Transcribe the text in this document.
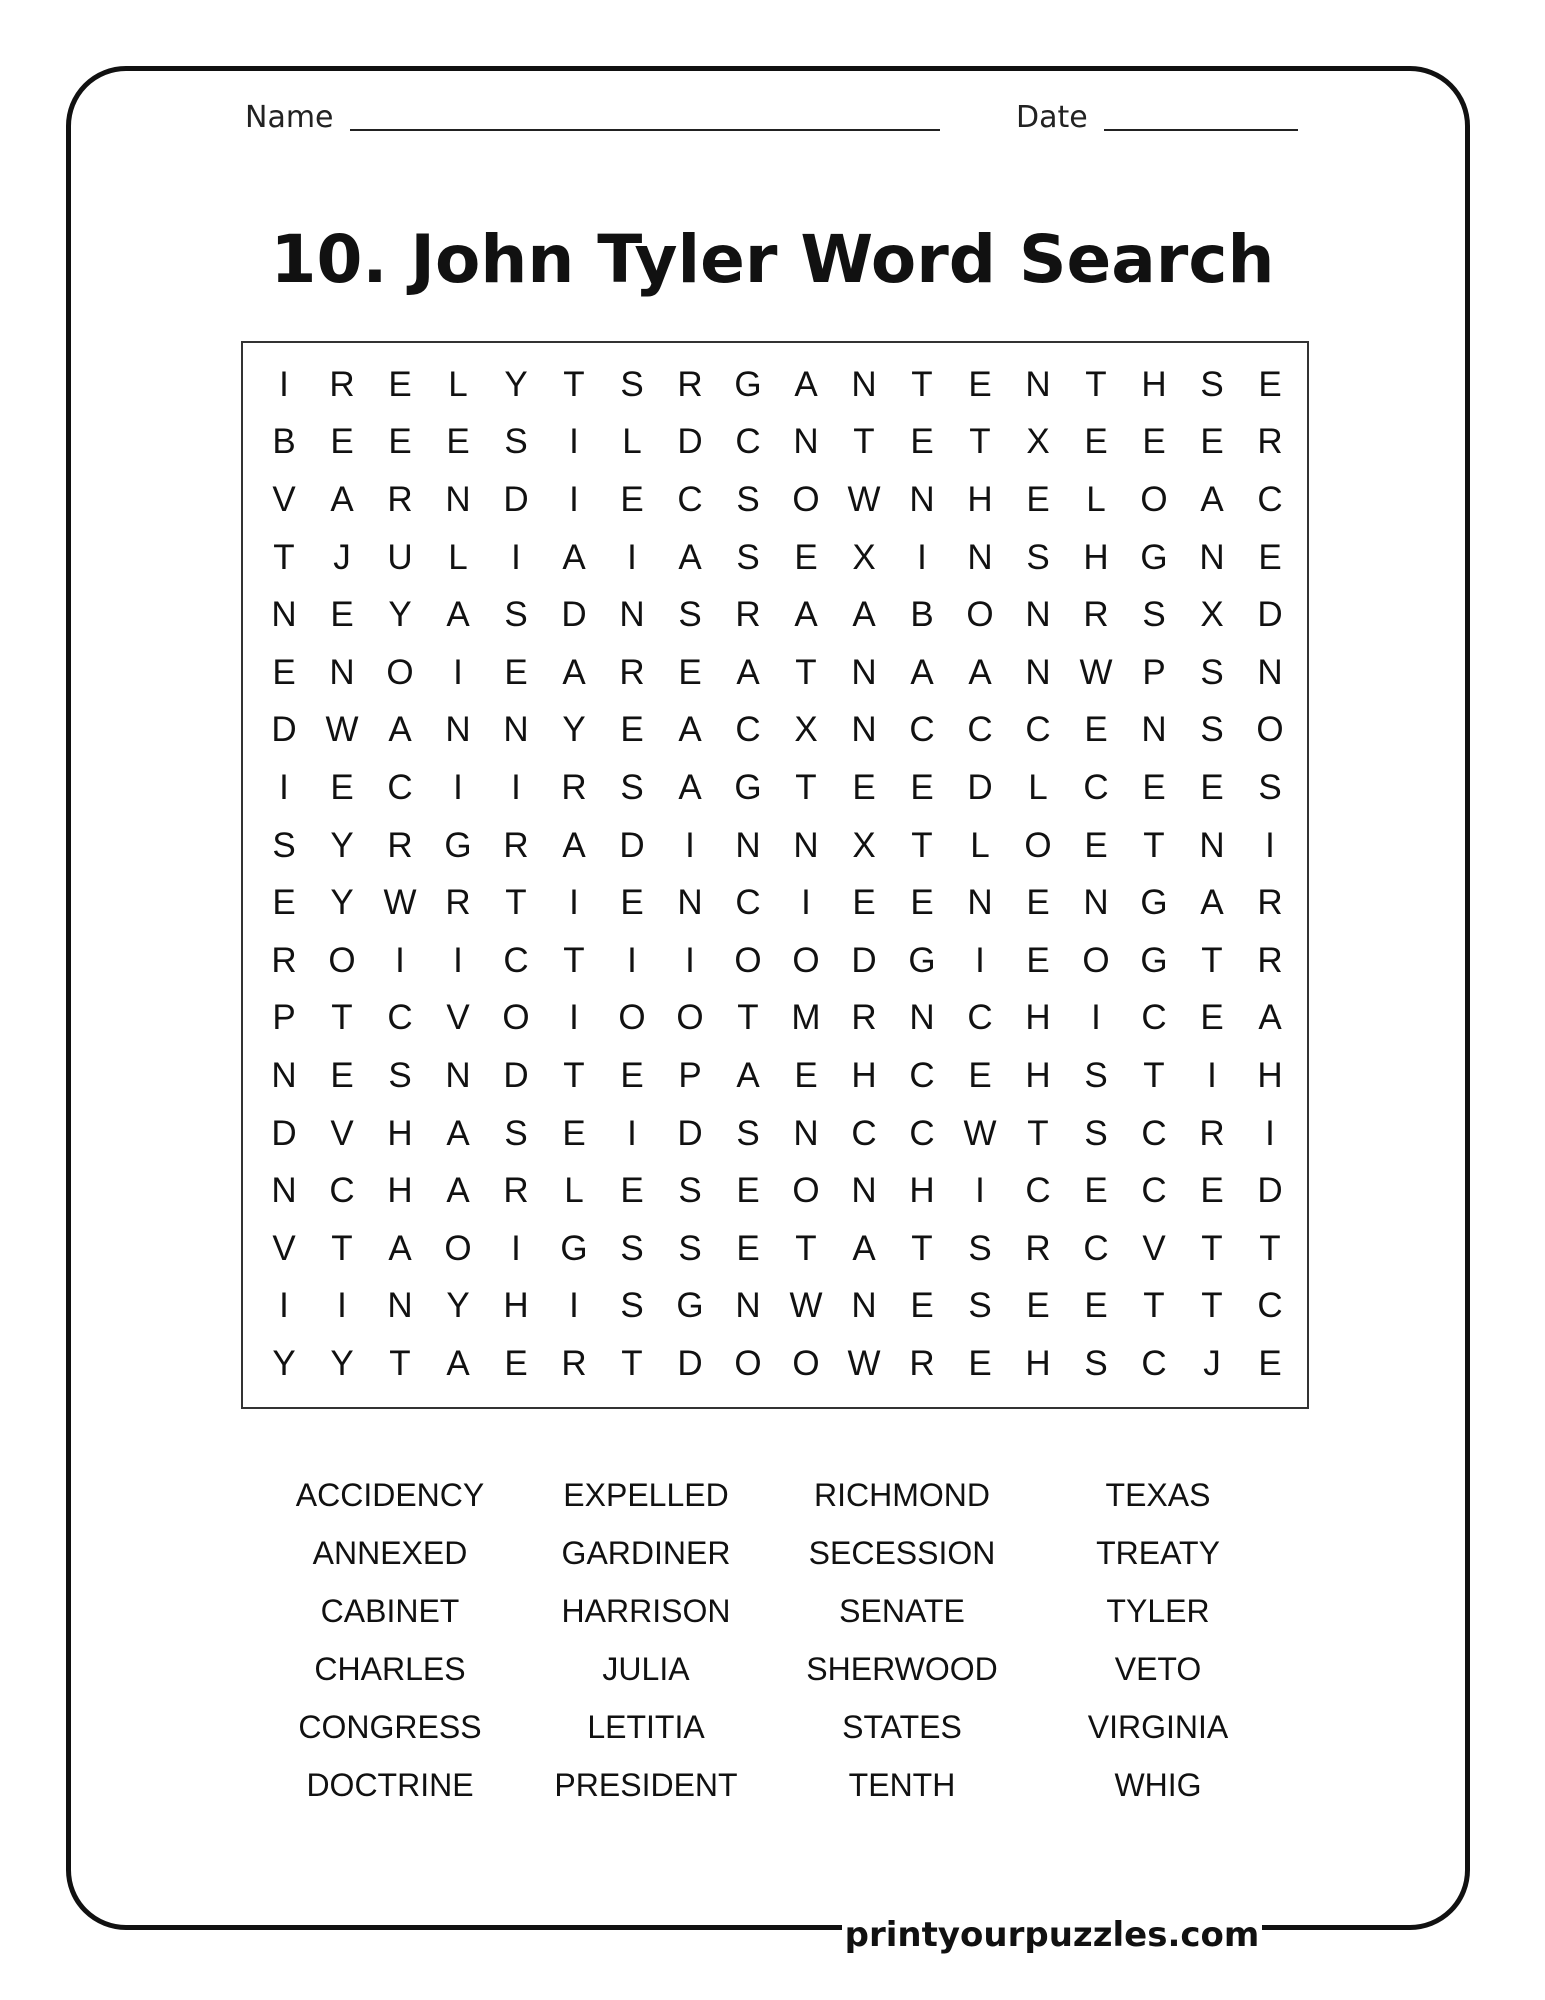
printyourpuzzles.com
Name	Date
10. John Tyler Word Search
I	R E	L	Y	T	S R G A N T	E N T H S E
B E E E S	I	L	D C N T	E	T	X E E E R
V A R N D	I	E C S O W N H E	L O A C
T	J	U	L	I	A	I	A S E X	I	N S H G N E
N E Y A S D N S R A A B O N R S X D
E N O	I	E A R E A	T N A A N W P S N
D W A N N Y E A C X N C C C E N S O
I	E C	I	I	R S A G T	E E D	L	C E E S
S Y R G R A D	I	N N X	T	L O E	T N	I
E Y W R T	I	E N C	I	E E N E N G A R
R O	I	I	C T	I	I	O O D G	I	E O G T R
P	T C V O	I	O O T M R N C H	I	C E A
N E S N D T	E P A E H C E H S	T	I	H
D V H A S E	I	D S N C C W T	S C R	I
N C H A R	L	E S E O N H	I	C E C E D
V	T	A O	I	G S S E	T	A	T	S R C V	T	T
I	I	N Y H	I	S G N W N E S E E	T	T C
Y Y	T	A E R T D O O W R E H S C	J	E
ACCIDENCY	EXPELLED	RICHMOND	TEXAS
ANNEXED	GARDINER	SECESSION	TREATY
CABINET	HARRISON	SENATE	TYLER
CHARLES	JULIA	SHERWOOD	VETO
CONGRESS	LETITIA	STATES	VIRGINIA
DOCTRINE	PRESIDENT	TENTH	WHIG
